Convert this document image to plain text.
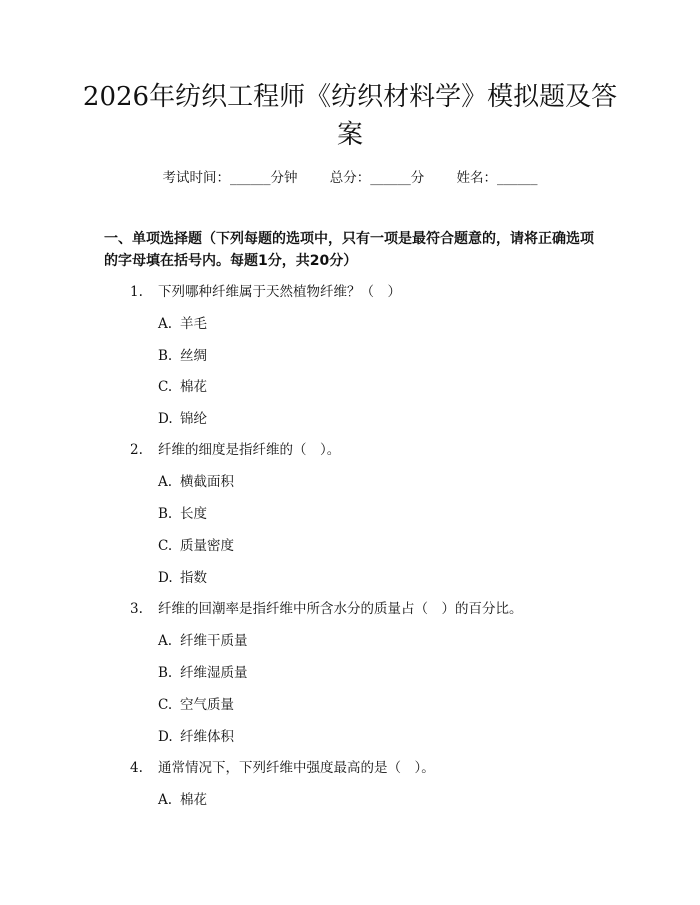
2026年纺织工程师《纺织材料学》模拟题及答案
考试时间：______分钟 总分：______分 姓名：______
一、单项选择题（下列每题的选项中，只有一项是最符合题意的，请将正确选项的字母填在括号内。每题1分，共20分）
1. 下列哪种纤维属于天然植物纤维？（　）
A. 羊毛
B. 丝绸
C. 棉花
D. 锦纶
2. 纤维的细度是指纤维的（　）。
A. 横截面积
B. 长度
C. 质量密度
D. 指数
3. 纤维的回潮率是指纤维中所含水分的质量占（　）的百分比。
A. 纤维干质量
B. 纤维湿质量
C. 空气质量
D. 纤维体积
4. 通常情况下，下列纤维中强度最高的是（　）。
A. 棉花
